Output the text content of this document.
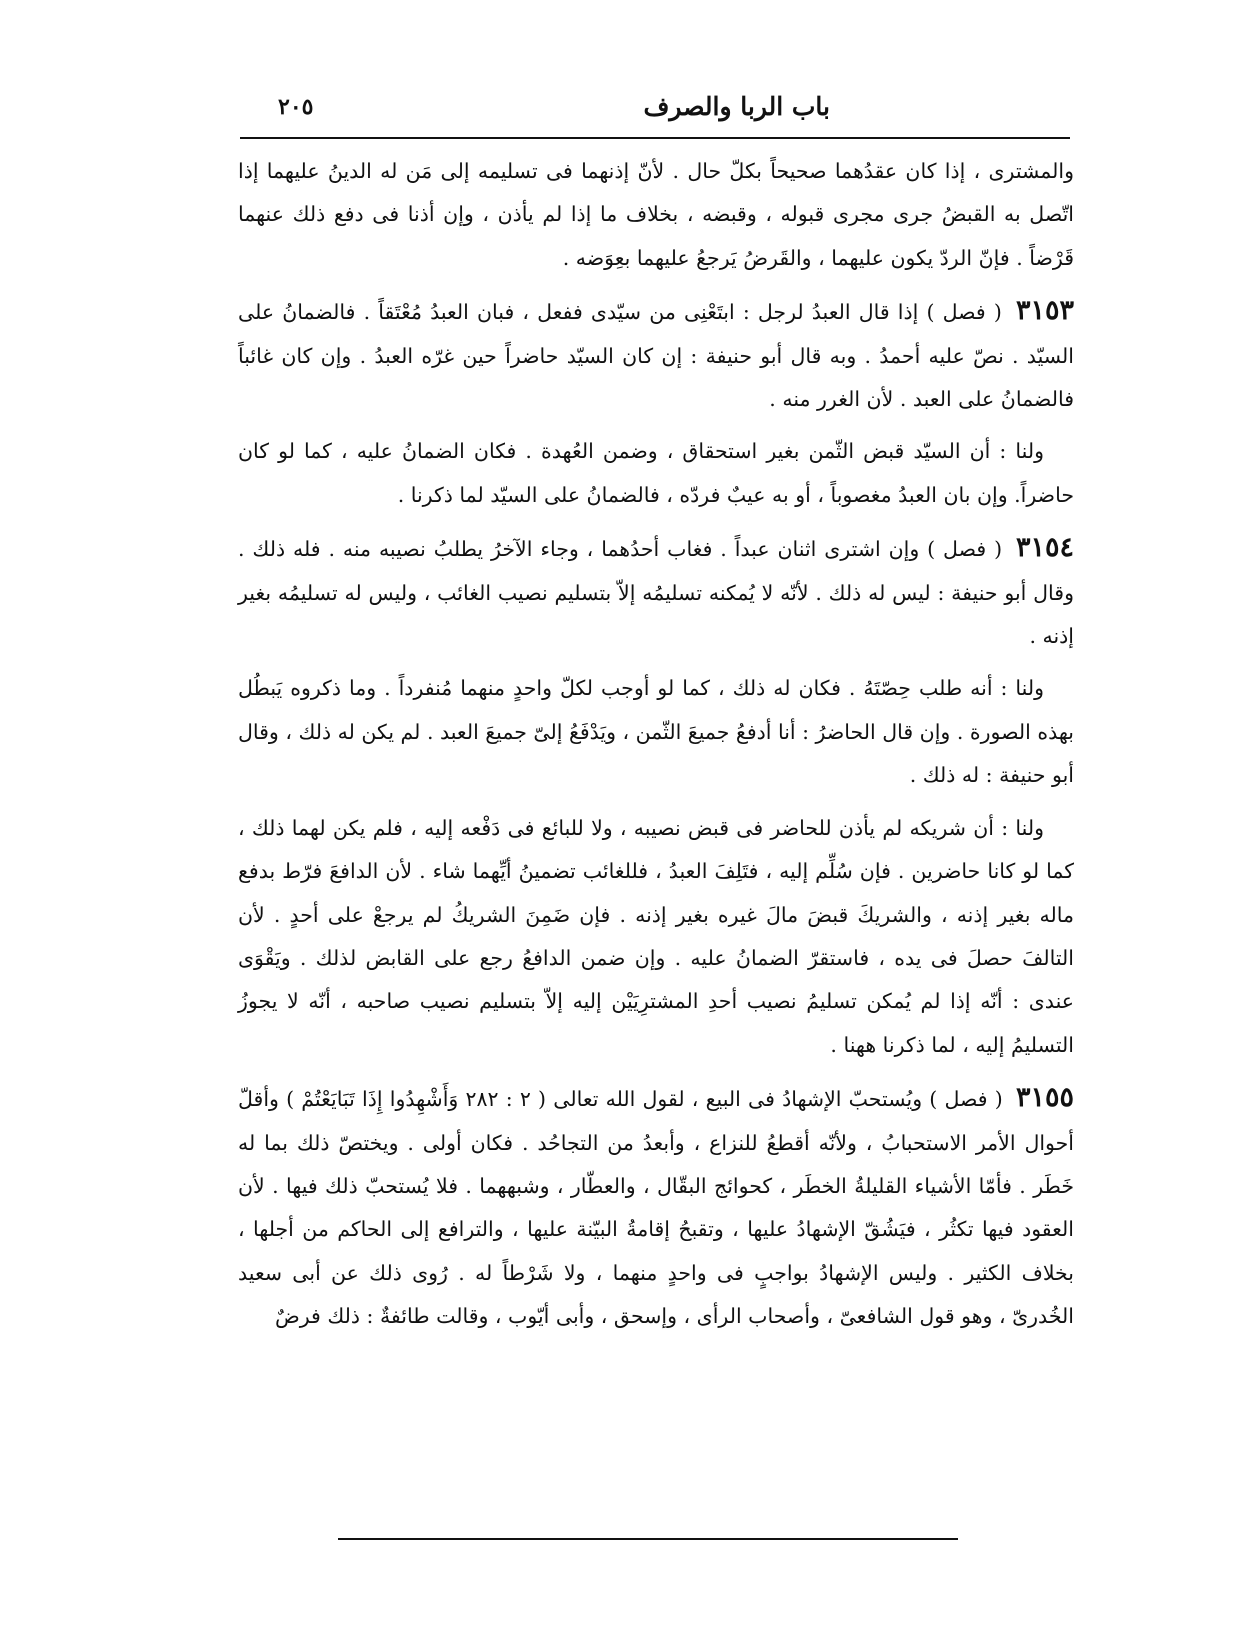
باب الربا والصرف
٢٠٥

والمشترى ، إذا كان عقدُهما صحيحاً بكلّ حال . لأنّ إذنهما فى تسليمه إلى مَن له الدينُ عليهما إذا اتّصل به القبضُ جرى مجرى قبوله ، وقبضه ، بخلاف ما إذا لم يأذن ، وإن أذنا فى دفع ذلك عنهما قَرْضاً . فإنّ الردّ يكون عليهما ، والقَرضُ يَرجعُ عليهما بعِوَضه .

٣١٥٣ ( فصل ) إذا قال العبدُ لرجل : ابتَعْنِى من سيّدى ففعل ، فبان العبدُ مُعْتَقاً . فالضمانُ على السيّد . نصّ عليه أحمدُ . وبه قال أبو حنيفة : إن كان السيّد حاضراً حين غرّه العبدُ . وإن كان غائباً فالضمانُ على العبد . لأن الغرر منه .

ولنا : أن السيّد قبض الثّمن بغير استحقاق ، وضمن العُهدة . فكان الضمانُ عليه ، كما لو كان حاضراً. وإن بان العبدُ مغصوباً ، أو به عيبٌ فردّه ، فالضمانُ على السيّد لما ذكرنا .

٣١٥٤ ( فصل ) وإن اشترى اثنان عبداً . فغاب أحدُهما ، وجاء الآخرُ يطلبُ نصيبه منه . فله ذلك . وقال أبو حنيفة : ليس له ذلك . لأنّه لا يُمكنه تسليمُه إلاّ بتسليم نصيب الغائب ، وليس له تسليمُه بغير إذنه .

ولنا : أنه طلب حِصّتَهُ . فكان له ذلك ، كما لو أوجب لكلّ واحدٍ منهما مُنفرداً . وما ذكروه يَبطُل بهذه الصورة . وإن قال الحاضرُ : أنا أدفعُ جميعَ الثّمن ، ويَدْفَعُ إلىّ جميعَ العبد . لم يكن له ذلك ، وقال أبو حنيفة : له ذلك .

ولنا : أن شريكه لم يأذن للحاضر فى قبض نصيبه ، ولا للبائع فى دَفْعه إليه ، فلم يكن لهما ذلك ، كما لو كانا حاضرين . فإن سُلِّم إليه ، فتَلِفَ العبدُ ، فللغائب تضمينُ أيِّهما شاء . لأن الدافعَ فرّط بدفع ماله بغير إذنه ، والشريكَ قبضَ مالَ غيره بغير إذنه . فإن ضَمِنَ الشريكُ لم يرجعْ على أحدٍ . لأن التالفَ حصلَ فى يده ، فاستقرّ الضمانُ عليه . وإن ضمن الدافعُ رجع على القابض لذلك . ويَقْوَى عندى : أنّه إذا لم يُمكن تسليمُ نصيب أحدِ المشترِيَيْن إليه إلاّ بتسليم نصيب صاحبه ، أنّه لا يجوزُ التسليمُ إليه ، لما ذكرنا ههنا .

٣١٥٥ ( فصل ) ويُستحبّ الإشهادُ فى البيع ، لقول الله تعالى ( ٢ : ٢٨٢ وَأَشْهِدُوا إِذَا تَبَايَعْتُمْ ) وأقلّ أحوال الأمر الاستحبابُ ، ولأنّه أقطعُ للنزاع ، وأبعدُ من التجاحُد . فكان أولى . ويختصّ ذلك بما له خَطَر . فأمّا الأشياء القليلةُ الخطَر ، كحوائج البقّال ، والعطّار ، وشبههما . فلا يُستحبّ ذلك فيها . لأن العقود فيها تكثُر ، فيَشُقّ الإشهادُ عليها ، وتقبحُ إقامةُ البيّنة عليها ، والترافع إلى الحاكم من أجلها ، بخلاف الكثير . وليس الإشهادُ بواجبٍ فى واحدٍ منهما ، ولا شَرْطاً له . رُوى ذلك عن أبى سعيد الخُدرىّ ، وهو قول الشافعىّ ، وأصحاب الرأى ، وإسحق ، وأبى أيّوب ، وقالت طائفةٌ : ذلك فرضٌ
